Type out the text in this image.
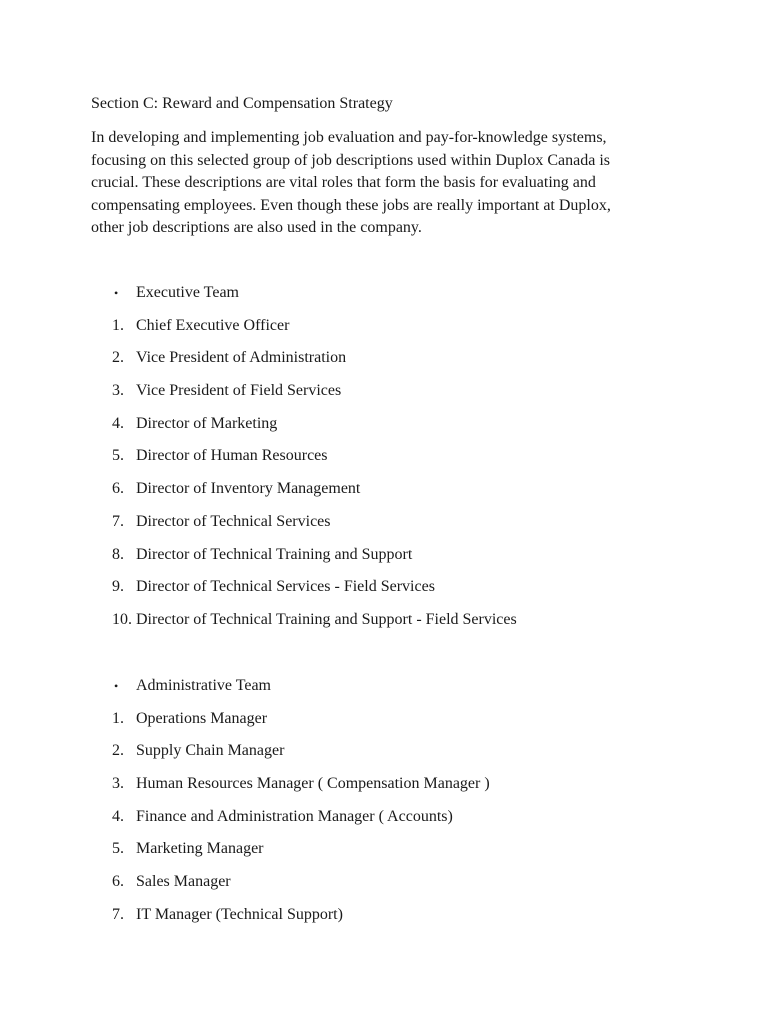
Section C: Reward and Compensation Strategy
In developing and implementing job evaluation and pay-for-knowledge systems,
focusing on this selected group of job descriptions used within Duplox Canada is
crucial. These descriptions are vital roles that form the basis for evaluating and
compensating employees. Even though these jobs are really important at Duplox,
other job descriptions are also used in the company.
• Executive Team
1. Chief Executive Officer
2. Vice President of Administration
3. Vice President of Field Services
4. Director of Marketing
5. Director of Human Resources
6. Director of Inventory Management
7. Director of Technical Services
8. Director of Technical Training and Support
9. Director of Technical Services - Field Services
10. Director of Technical Training and Support - Field Services
• Administrative Team
1. Operations Manager
2. Supply Chain Manager
3. Human Resources Manager ( Compensation Manager )
4. Finance and Administration Manager ( Accounts)
5. Marketing Manager
6. Sales Manager
7. IT Manager (Technical Support)
